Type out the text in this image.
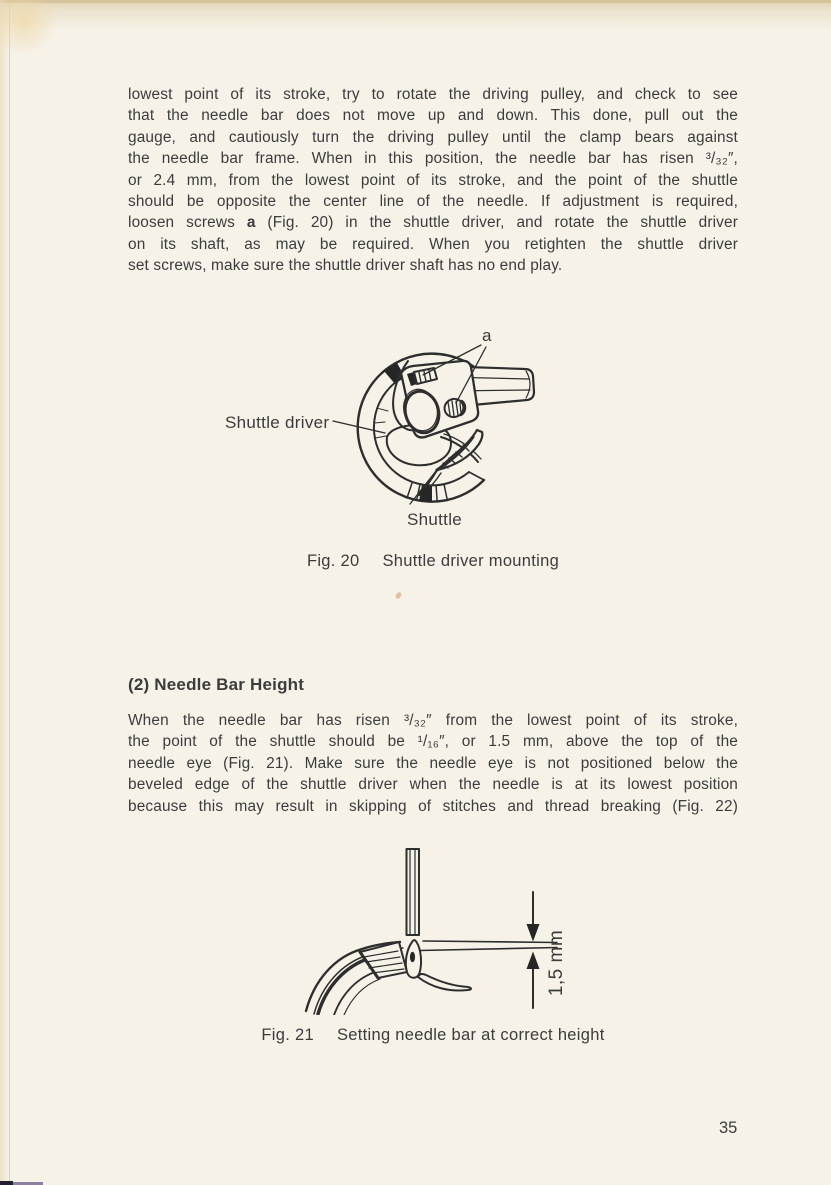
lowest point of its stroke, try to rotate the driving pulley, and check to see
that the needle bar does not move up and down. This done, pull out the
gauge, and cautiously turn the driving pulley until the clamp bears against
the needle bar frame. When in this position, the needle bar has risen ³/₃₂″,
or 2.4 mm, from the lowest point of its stroke, and the point of the shuttle
should be opposite the center line of the needle. If adjustment is required,
loosen screws a (Fig. 20) in the shuttle driver, and rotate the shuttle driver
on its shaft, as may be required. When you retighten the shuttle driver
set screws, make sure the shuttle driver shaft has no end play.
a
Shuttle driver
Shuttle
Fig. 20 Shuttle driver mounting
(2) Needle Bar Height
When the needle bar has risen ³/₃₂″ from the lowest point of its stroke,
the point of the shuttle should be ¹/₁₆″, or 1.5 mm, above the top of the
needle eye (Fig. 21). Make sure the needle eye is not positioned below the
beveled edge of the shuttle driver when the needle is at its lowest position
because this may result in skipping of stitches and thread breaking (Fig. 22)
1,5 mm
Fig. 21 Setting needle bar at correct height
35
